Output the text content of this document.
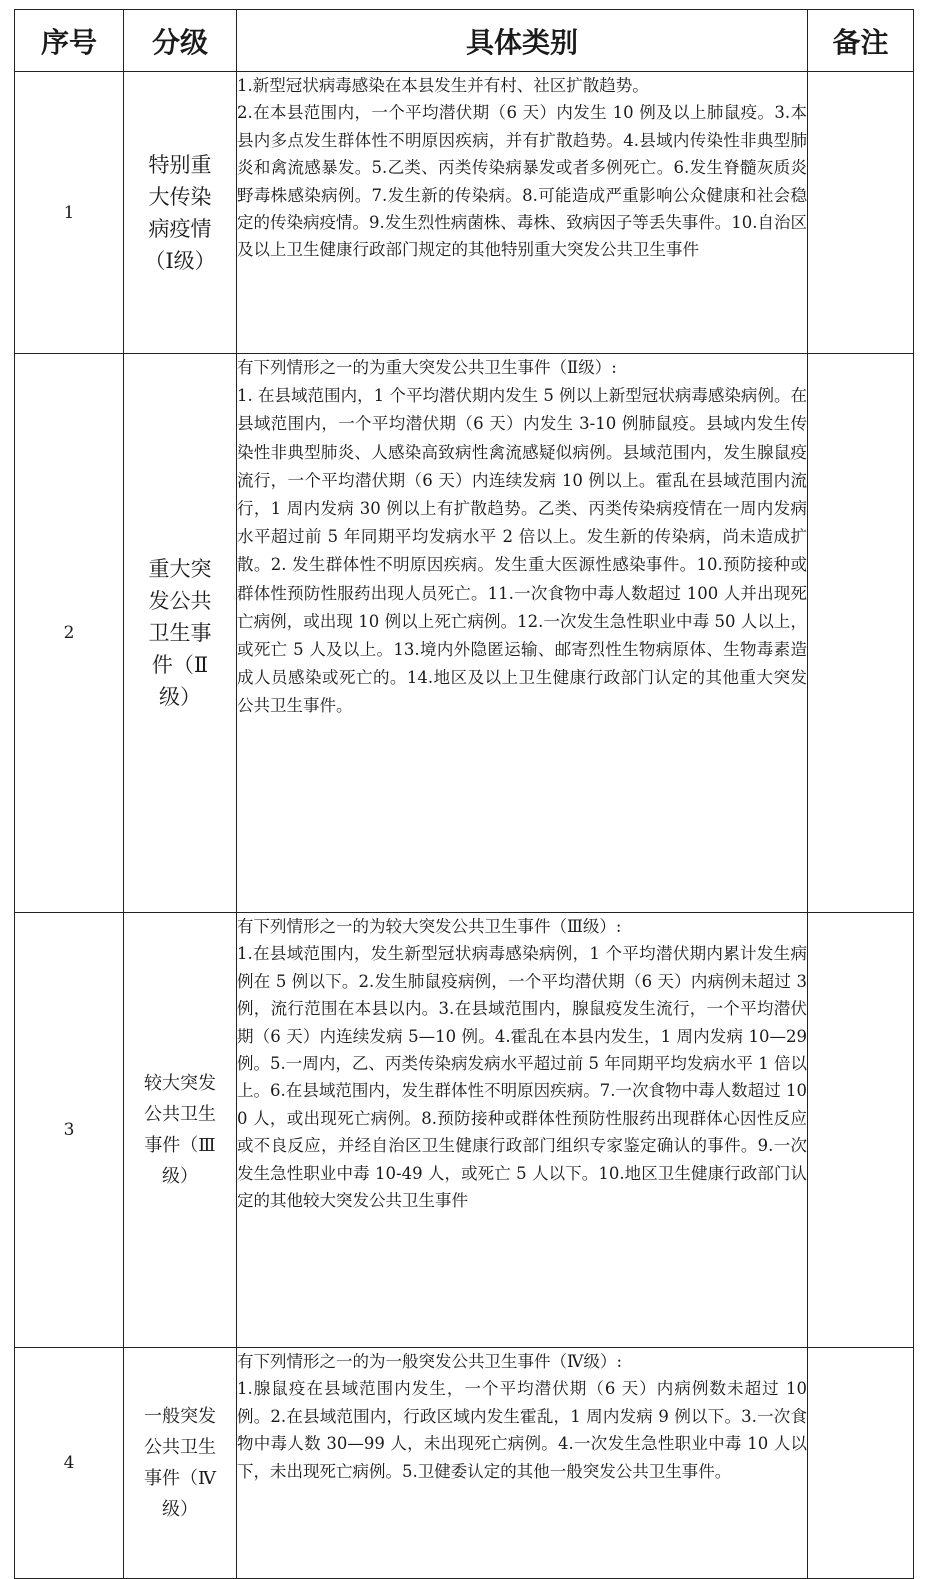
序号	分级	具体类别	备注
1	特别重大传染病疫情（Ⅰ级）	1.新型冠状病毒感染在本县发生并有村、社区扩散趋势。

2.在本县范围内，一个平均潜伏期（6 天）内发生 10 例及以上肺鼠疫。3.本县内多点发生群体性不明原因疾病，并有扩散趋势。4.县域内传染性非典型肺炎和禽流感暴发。5.乙类、丙类传染病暴发或者多例死亡。6.发生脊髓灰质炎野毒株感染病例。7.发生新的传染病。8.可能造成严重影响公众健康和社会稳定的传染病疫情。9.发生烈性病菌株、毒株、致病因子等丢失事件。10.自治区及以上卫生健康行政部门规定的其他特别重大突发公共卫生事件	

2	重大突发公共卫生事件（Ⅱ级）	有下列情形之一的为重大突发公共卫生事件（Ⅱ级）:

1. 在县域范围内，1 个平均潜伏期内发生 5 例以上新型冠状病毒感染病例。在县域范围内，一个平均潜伏期（6 天）内发生 3-10 例肺鼠疫。县域内发生传染性非典型肺炎、人感染高致病性禽流感疑似病例。县域范围内，发生腺鼠疫流行，一个平均潜伏期（6 天）内连续发病 10 例以上。霍乱在县域范围内流行，1 周内发病 30 例以上有扩散趋势。乙类、丙类传染病疫情在一周内发病水平超过前 5 年同期平均发病水平 2 倍以上。发生新的传染病，尚未造成扩散。2. 发生群体性不明原因疾病。发生重大医源性感染事件。10.预防接种或群体性预防性服药出现人员死亡。11.一次食物中毒人数超过 100 人并出现死亡病例，或出现 10 例以上死亡病例。12.一次发生急性职业中毒 50 人以上，或死亡 5 人及以上。13.境内外隐匿运输、邮寄烈性生物病原体、生物毒素造成人员感染或死亡的。14.地区及以上卫生健康行政部门认定的其他重大突发公共卫生事件。	

3	较大突发公共卫生事件（Ⅲ级）	有下列情形之一的为较大突发公共卫生事件（Ⅲ级）:

1.在县域范围内，发生新型冠状病毒感染病例，1 个平均潜伏期内累计发生病例在 5 例以下。2.发生肺鼠疫病例，一个平均潜伏期（6 天）内病例未超过 3 例，流行范围在本县以内。3.在县域范围内，腺鼠疫发生流行，一个平均潜伏期（6 天）内连续发病 5—10 例。4.霍乱在本县内发生，1 周内发病 10—29 例。5.一周内，乙、丙类传染病发病水平超过前 5 年同期平均发病水平 1 倍以上。6.在县域范围内，发生群体性不明原因疾病。7.一次食物中毒人数超过 100 人，或出现死亡病例。8.预防接种或群体性预防性服药出现群体心因性反应或不良反应，并经自治区卫生健康行政部门组织专家鉴定确认的事件。9.一次发生急性职业中毒 10-49 人，或死亡 5 人以下。10.地区卫生健康行政部门认定的其他较大突发公共卫生事件	

4	一般突发公共卫生事件（Ⅳ级）	有下列情形之一的为一般突发公共卫生事件（Ⅳ级）:

1.腺鼠疫在县域范围内发生，一个平均潜伏期（6 天）内病例数未超过 10 例。2.在县域范围内，行政区域内发生霍乱，1 周内发病 9 例以下。3.一次食物中毒人数 30—99 人，未出现死亡病例。4.一次发生急性职业中毒 10 人以下，未出现死亡病例。5.卫健委认定的其他一般突发公共卫生事件。	
